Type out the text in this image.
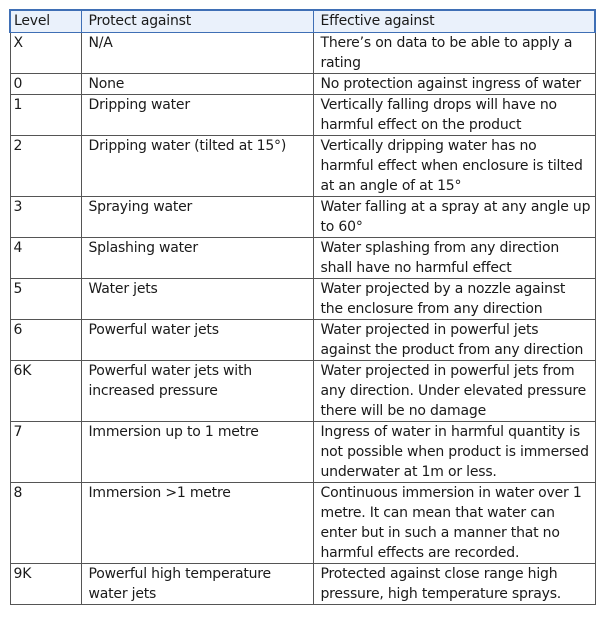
Level	Protect against	Effective against
X	N/A	There’s on data to be able to apply a rating
0	None	No protection against ingress of water
1	Dripping water	Vertically falling drops will have no harmful effect on the product
2	Dripping water (tilted at 15°)	Vertically dripping water has no harmful effect when enclosure is tilted at an angle of at 15°
3	Spraying water	Water falling at a spray at any angle up to 60°
4	Splashing water	Water splashing from any direction shall have no harmful effect
5	Water jets	Water projected by a nozzle against the enclosure from any direction
6	Powerful water jets	Water projected in powerful jets against the product from any direction
6K	Powerful water jets with increased pressure	Water projected in powerful jets from any direction. Under elevated pressure there will be no damage
7	Immersion up to 1 metre	Ingress of water in harmful quantity is not possible when product is immersed underwater at 1m or less.
8	Immersion >1 metre	Continuous immersion in water over 1 metre. It can mean that water can enter but in such a manner that no harmful effects are recorded.
9K	Powerful high temperature water jets	Protected against close range high pressure, high temperature sprays.
